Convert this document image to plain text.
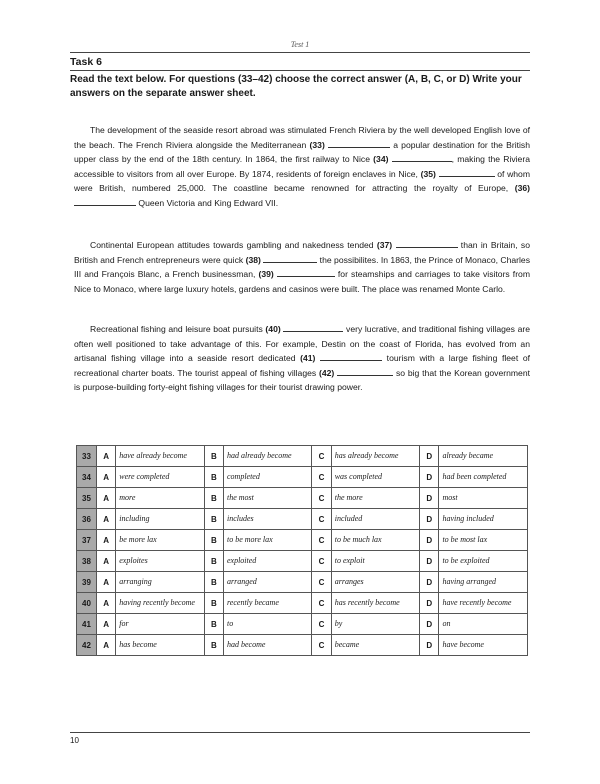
Test 1
Task 6
Read the text below. For questions (33–42) choose the correct answer (A, B, C, or D) Write your answers on the separate answer sheet.

The development of the seaside resort abroad was stimulated French Riviera by the well developed English love of the beach. The French Riviera alongside the Mediterranean (33)	a popular destination for the British upper class by the end of the 18th century. In 1864, the first railway to Nice (34)	, making the Riviera accessible to visitors from all over Europe. By 1874, residents of foreign enclaves in Nice, (35)	of whom were British, numbered 25,000. The coastline became renowned for attracting the royalty of Europe, (36)  Queen Victoria and King Edward VII.

Continental European attitudes towards gambling and nakedness tended (37)	than in Britain, so British and French entrepreneurs were quick (38)	the possibilites. In 1863, the Prince of Monaco, Charles III and François Blanc, a French businessman, (39)	for steamships and carriages to take visitors from Nice to Monaco, where large luxury hotels, gardens and casinos were built. The place was renamed Monte Carlo.

Recreational fishing and leisure boat pursuits (40)	very lucrative, and traditional fishing villages are often well positioned to take advantage of this. For example, Destin on the coast of Florida, has evolved from an artisanal fishing village into a seaside resort dedicated (41)	tourism with a large fishing fleet of recreational charter boats. The tourist appeal of fishing villages (42)	so big that the Korean government is purpose-building forty-eight fishing villages for their tourist drawing power.

33	A	have already become	B	had already become	C	has already become	D	already became
34	A	were completed	B	completed	C	was completed	D	had been completed
35	A	more	B	the most	C	the more	D	most
36	A	including	B	includes	C	included	D	having included
37	A	be more lax	B	to be more lax	C	to be much lax	D	to be most lax
38	A	exploites	B	exploited	C	to exploit	D	to be exploited
39	A	arranging	B	arranged	C	arranges	D	having arranged
40	A	having recently become	B	recently became	C	has recently become	D	have recently become
41	A	for	B	to	C	by	D	on
42	A	has become	B	had become	C	became	D	have become
10
